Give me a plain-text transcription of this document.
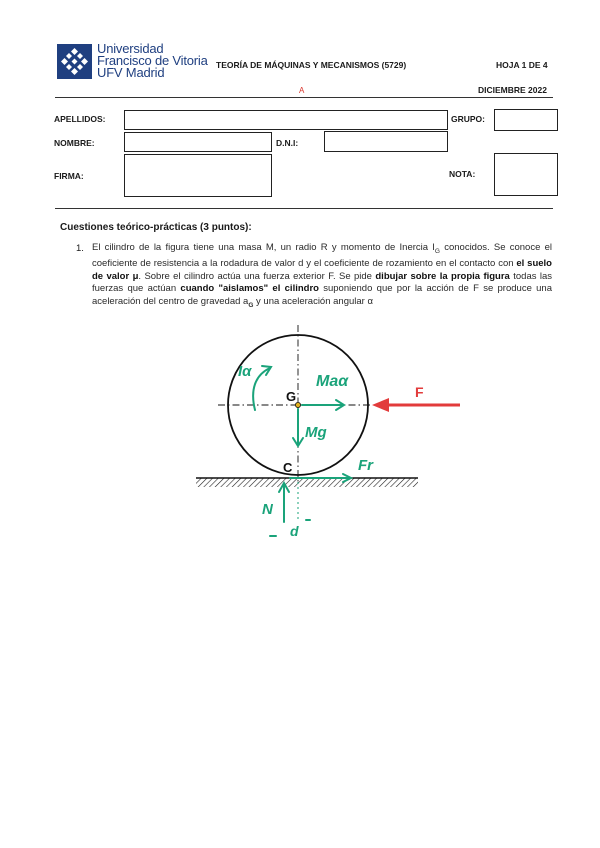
Universidad
Francisco de Vitoria
UFV Madrid	TEORÍA DE MÁQUINAS Y MECANISMOS (5729)	HOJA 1 DE 4
A	DICIEMBRE 2022
APELLIDOS:	GRUPO:
NOMBRE:	D.N.I:
FIRMA:	NOTA:
Cuestiones teórico-prácticas (3 puntos):
1. El cilindro de la figura tiene una masa M, un radio R y momento de Inercia $I_G$ conocidos. Se conoce el coeficiente de resistencia a la rodadura de valor d y el coeficiente de rozamiento en el contacto con el suelo de valor μ. Sobre el cilindro actúa una fuerza exterior F. Se pide dibujar sobre la propia figura todas las fuerzas que actúan cuando "aislamos" el cilindro suponiendo que por la acción de F se produce una aceleración del centro de gravedad $a_G$ y una aceleración angular α
G
C
F
Iα
Maα
Mg
Fr
N
d
